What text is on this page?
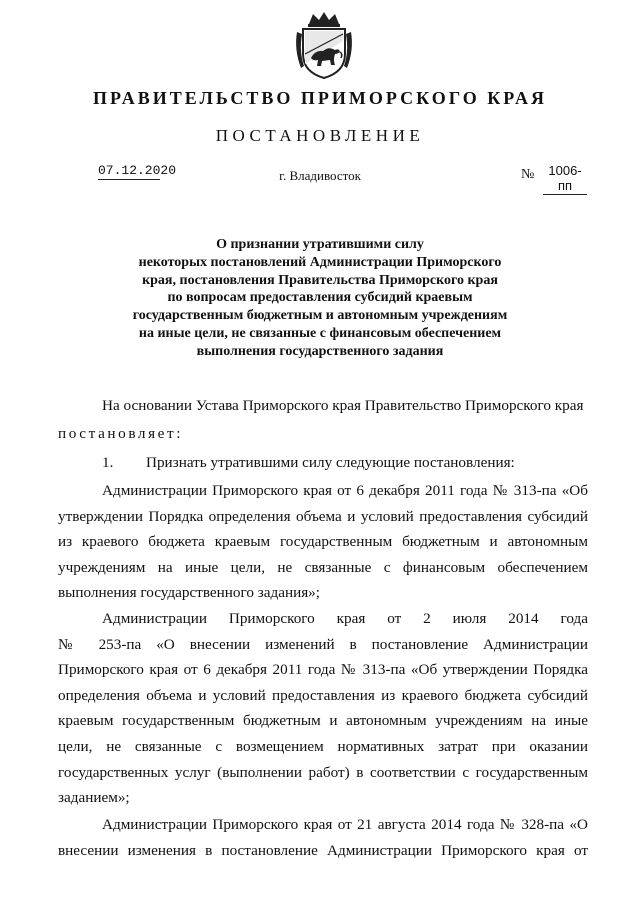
ПРАВИТЕЛЬСТВО ПРИМОРСКОГО КРАЯ
ПОСТАНОВЛЕНИЕ
07.12.2020	г. Владивосток	№	1006-пп
О признании утратившими силу
некоторых постановлений Администрации Приморского
края, постановления Правительства Приморского края
по вопросам предоставления субсидий краевым
государственным бюджетным и автономным учреждениям
на иные цели, не связанные с финансовым обеспечением
выполнения государственного задания
На основании Устава Приморского края Правительство Приморского края
постановляет:
1. Признать утратившими силу следующие постановления:
Администрации Приморского края от 6 декабря 2011 года № 313-па «Об
утверждении Порядка определения объема и условий предоставления субсидий
из краевого бюджета краевым государственным бюджетным и автономным
учреждениям на иные цели, не связанные с финансовым обеспечением
выполнения государственного задания»;
Администрации Приморского края от 2 июля 2014 года
№ 253-па «О внесении изменений в постановление Администрации
Приморского края от 6 декабря 2011 года № 313-па «Об утверждении Порядка
определения объема и условий предоставления из краевого бюджета субсидий
краевым государственным бюджетным и автономным учреждениям на иные
цели, не связанные с возмещением нормативных затрат при оказании
государственных услуг (выполнении работ) в соответствии с государственным
заданием»;
Администрации Приморского края от 21 августа 2014 года № 328-па «О
внесении изменения в постановление Администрации Приморского края от
